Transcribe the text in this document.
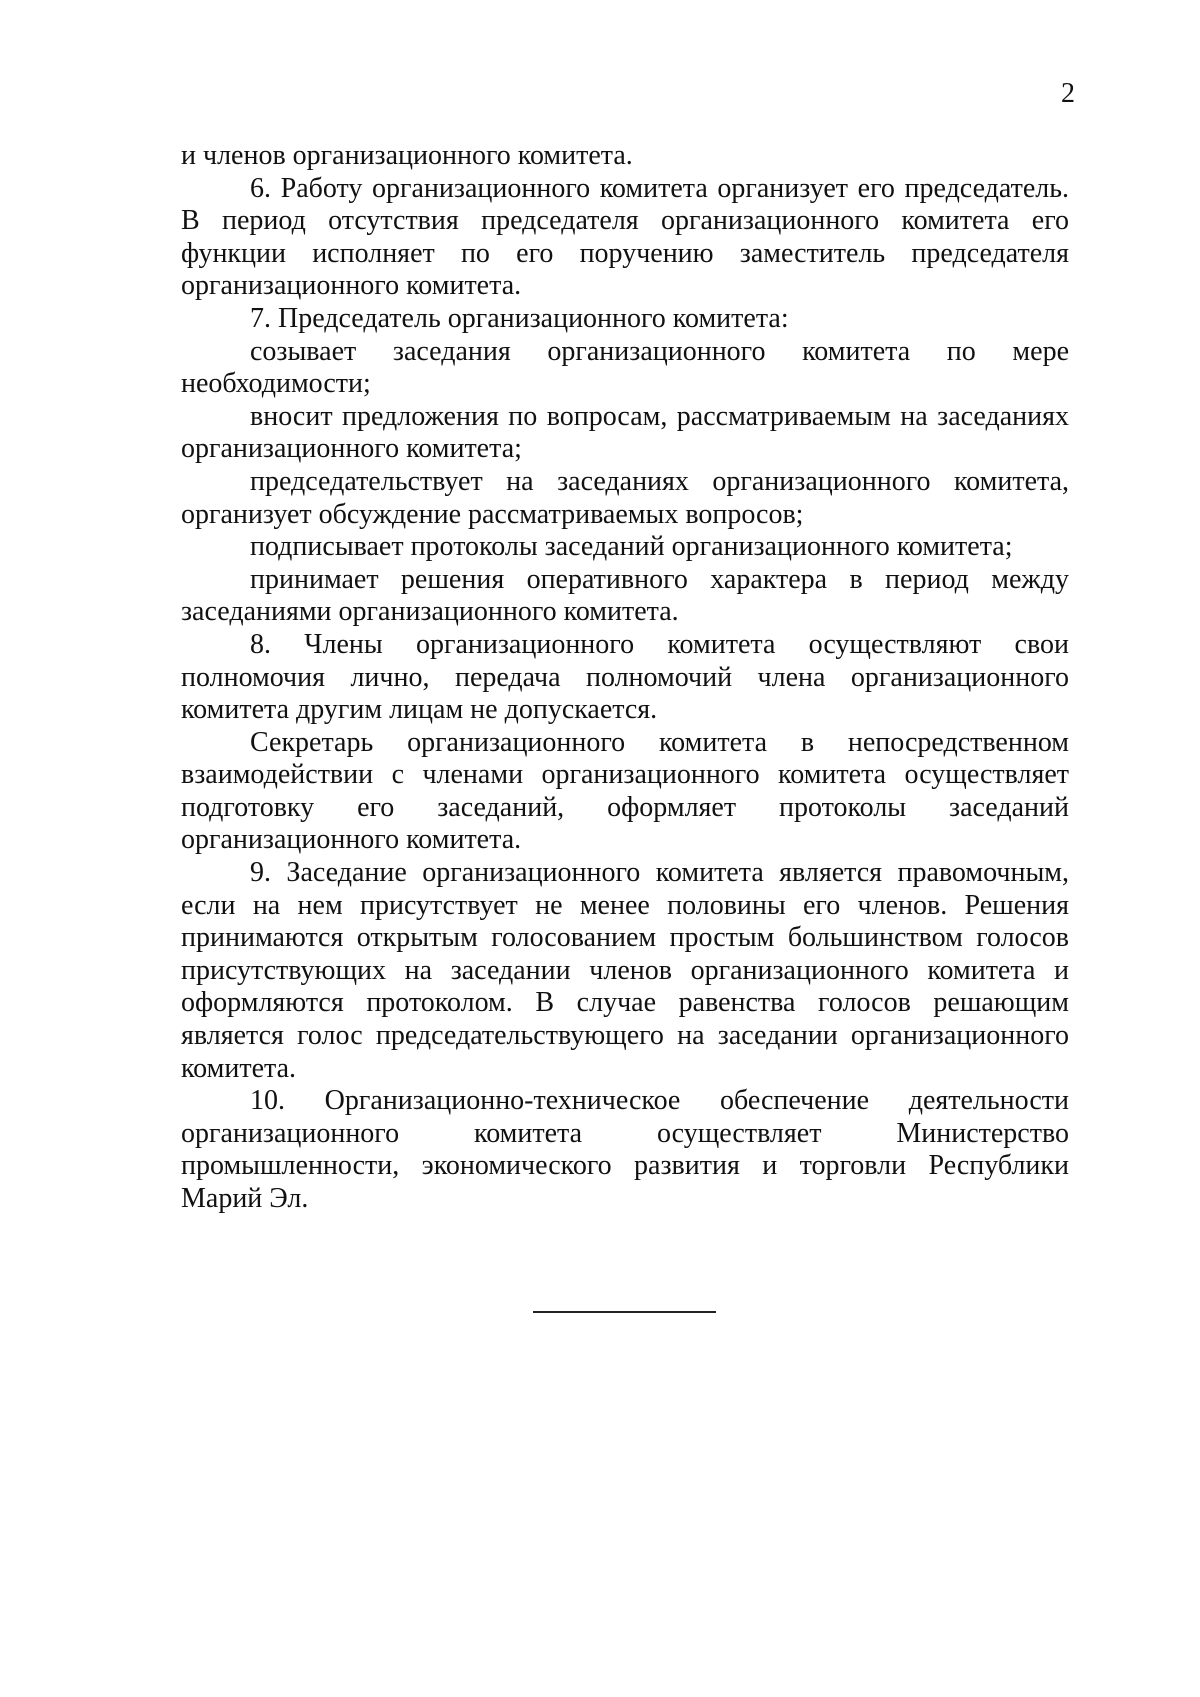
2

и членов организационного комитета.

6. Работу организационного комитета организует его председатель. В период отсутствия председателя организационного комитета его функции исполняет по его поручению заместитель председателя организационного комитета.

7. Председатель организационного комитета:

созывает заседания организационного комитета по мере необходимости;

вносит предложения по вопросам, рассматриваемым на заседаниях организационного комитета;

председательствует на заседаниях организационного комитета, организует обсуждение рассматриваемых вопросов;

подписывает протоколы заседаний организационного комитета;

принимает решения оперативного характера в период между заседаниями организационного комитета.

8. Члены организационного комитета осуществляют свои полномочия лично, передача полномочий члена организационного комитета другим лицам не допускается.

Секретарь организационного комитета в непосредственном взаимодействии с членами организационного комитета осуществляет подготовку его заседаний, оформляет протоколы заседаний организационного комитета.

9. Заседание организационного комитета является правомочным, если на нем присутствует не менее половины его членов. Решения принимаются открытым голосованием простым большинством голосов присутствующих на заседании членов организационного комитета и оформляются протоколом. В случае равенства голосов решающим является голос председательствующего на заседании организационного комитета.

10. Организационно-техническое обеспечение деятельности организационного комитета осуществляет Министерство промышленности, экономического развития и торговли Республики Марий Эл.
